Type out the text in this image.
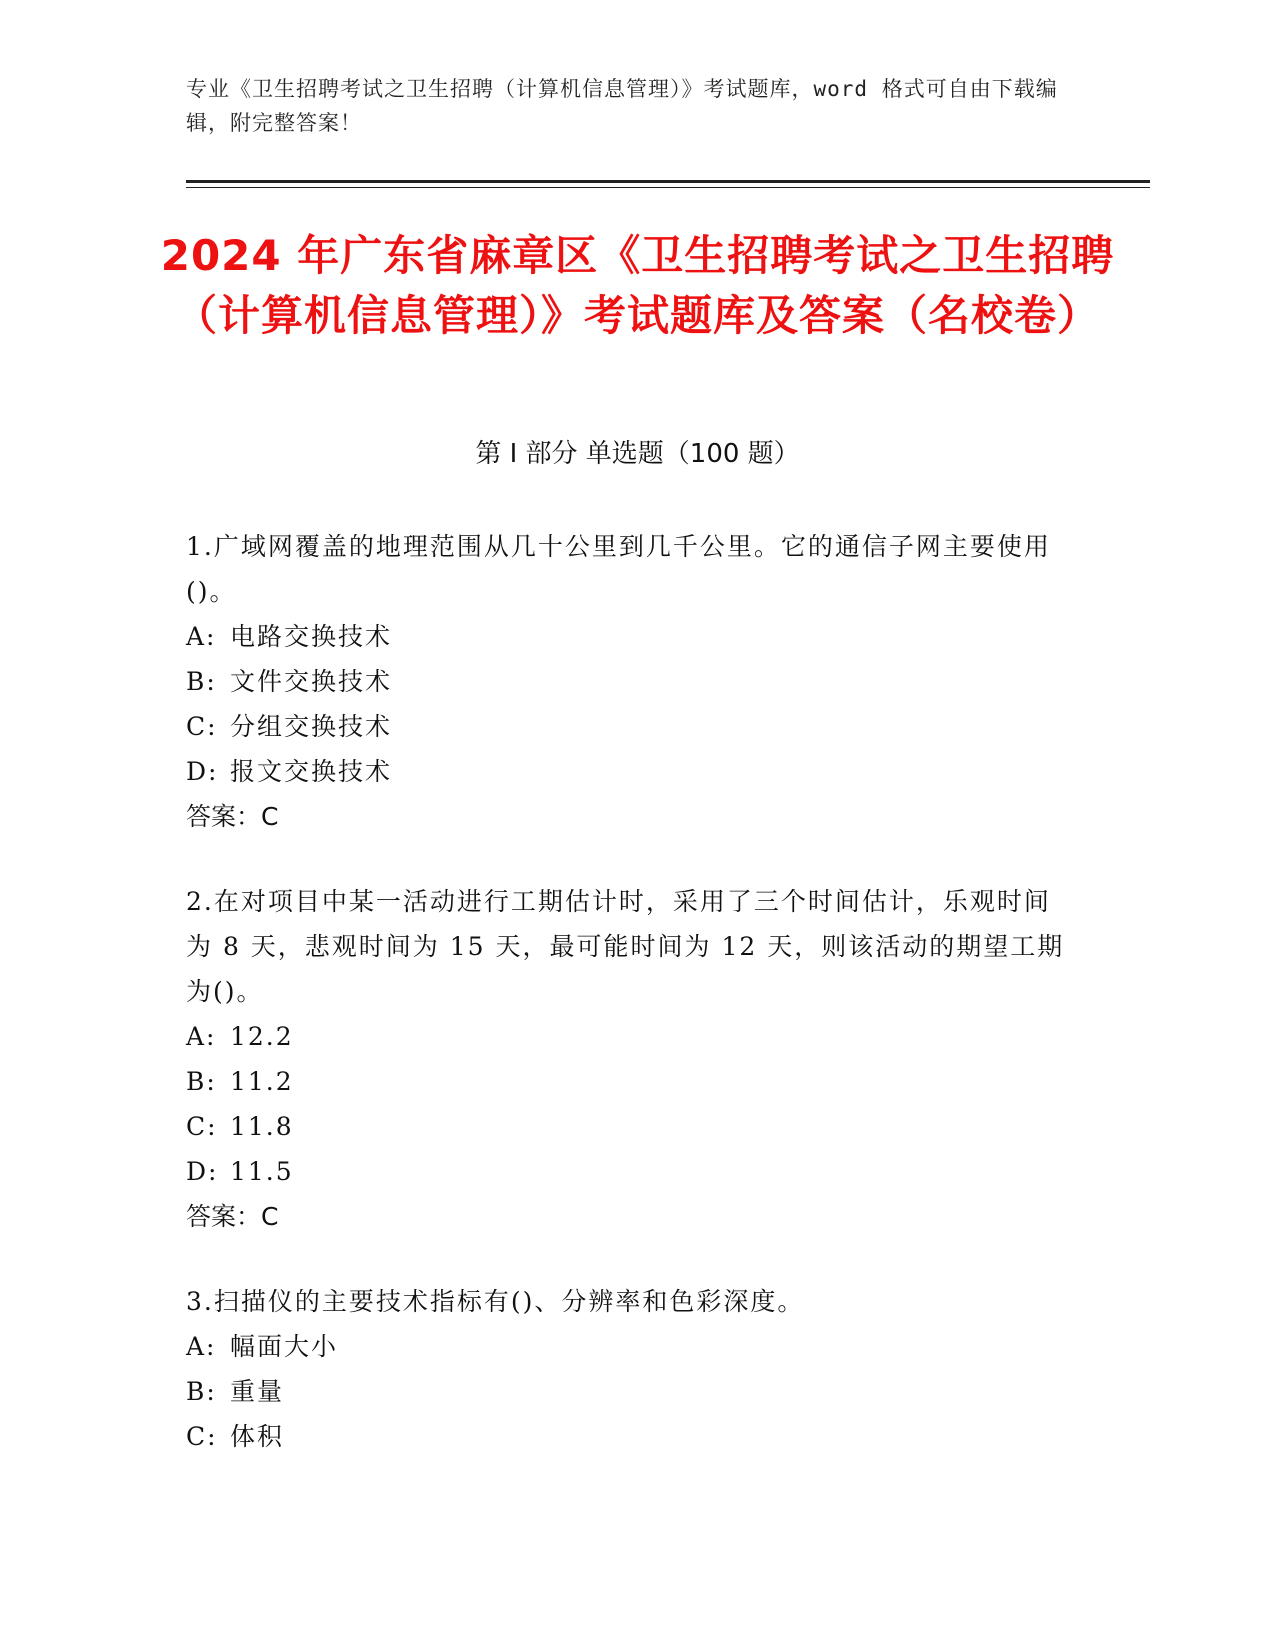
专业《卫生招聘考试之卫生招聘（计算机信息管理）》考试题库，word 格式可自由下载编辑，附完整答案！
2024 年广东省麻章区《卫生招聘考试之卫生招聘（计算机信息管理）》考试题库及答案（名校卷）
第 I 部分 单选题（100 题）
1.广域网覆盖的地理范围从几十公里到几千公里。它的通信子网主要使用()。
A: 电路交换技术
B: 文件交换技术
C: 分组交换技术
D: 报文交换技术
答案：C
2.在对项目中某一活动进行工期估计时，采用了三个时间估计，乐观时间为 8 天，悲观时间为 15 天，最可能时间为 12 天，则该活动的期望工期为()。
A: 12.2
B: 11.2
C: 11.8
D: 11.5
答案：C
3.扫描仪的主要技术指标有()、分辨率和色彩深度。
A: 幅面大小
B: 重量
C: 体积
